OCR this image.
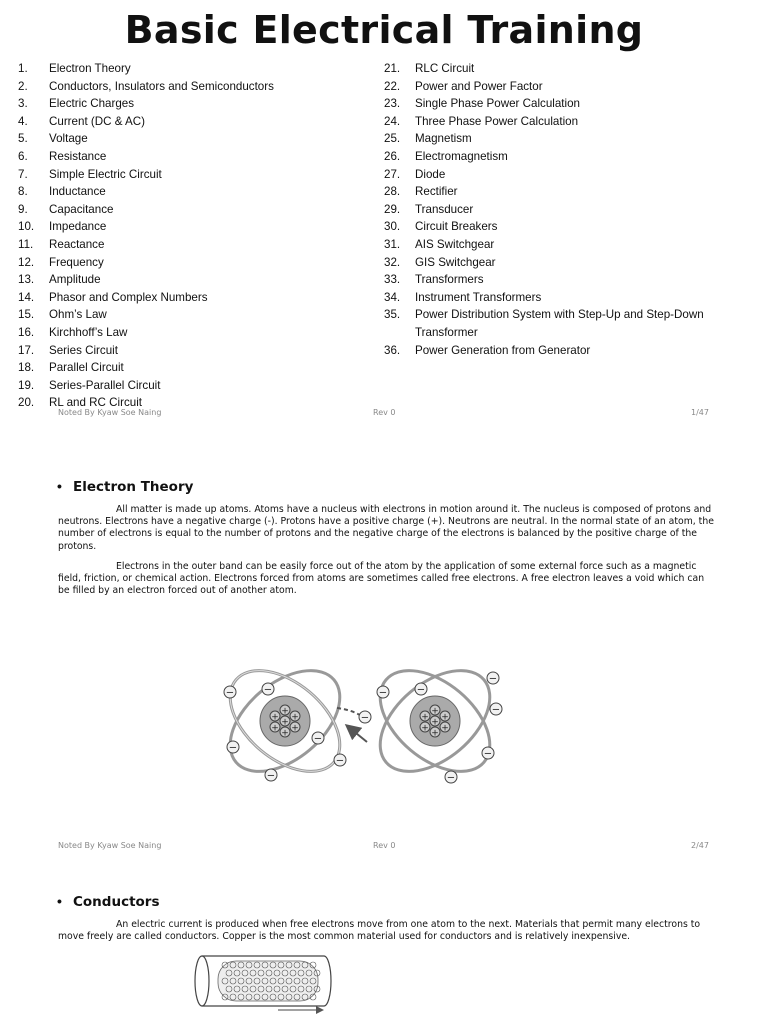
Basic Electrical Training
1. Electron Theory
2. Conductors, Insulators and Semiconductors
3. Electric Charges
4. Current (DC & AC)
5. Voltage
6. Resistance
7. Simple Electric Circuit
8. Inductance
9. Capacitance
10. Impedance
11. Reactance
12. Frequency
13. Amplitude
14. Phasor and Complex Numbers
15. Ohm’s Law
16. Kirchhoff’s Law
17. Series Circuit
18. Parallel Circuit
19. Series-Parallel Circuit
20. RL and RC Circuit
21. RLC Circuit
22. Power and Power Factor
23. Single Phase Power Calculation
24. Three Phase Power Calculation
25. Magnetism
26. Electromagnetism
27. Diode
28. Rectifier
29. Transducer
30. Circuit Breakers
31. AIS Switchgear
32. GIS Switchgear
33. Transformers
34. Instrument Transformers
35. Power Distribution System with Step-Up and Step-Down Transformer
36. Power Generation from Generator
Noted By Kyaw Soe Naing	Rev 0	1/47
• Electron Theory
All matter is made up atoms. Atoms have a nucleus with electrons in motion around it. The nucleus is composed of protons and neutrons. Electrons have a negative charge (-). Protons have a positive charge (+). Neutrons are neutral. In the normal state of an atom, the number of electrons is equal to the number of protons and the negative charge of the electrons is balanced by the positive charge of the protons.
Electrons in the outer band can be easily force out of the atom by the application of some external force such as a magnetic field, friction, or chemical action. Electrons forced from atoms are sometimes called free electrons. A free electron leaves a void which can be filled by an electron forced out of another atom.
+	+
+	+
+	+
+	+
+	+
+	+
+	+
−	−
−
−
−
−
−
−	−
−
−
−
−
Noted By Kyaw Soe Naing	Rev 0	2/47
• Conductors
An electric current is produced when free electrons move from one atom to the next. Materials that permit many electrons to move freely are called conductors. Copper is the most common material used for conductors and is relatively inexpensive.
